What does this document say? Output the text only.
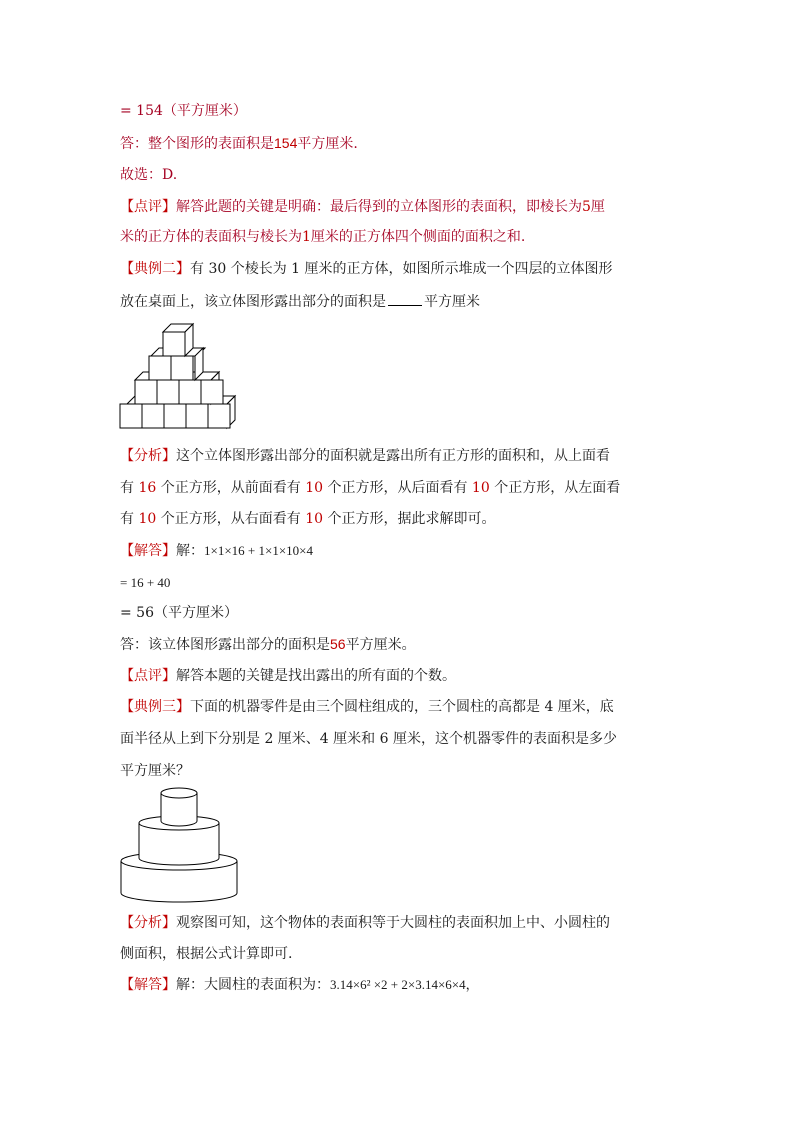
= 154（平方厘米）
答：整个图形的表面积是154平方厘米.
故选：D.
【点评】解答此题的关键是明确：最后得到的立体图形的表面积，即棱长为5厘
米的正方体的表面积与棱长为1厘米的正方体四个侧面的面积之和.
【典例二】有 30 个棱长为 1 厘米的正方体，如图所示堆成一个四层的立体图形
放在桌面上，该立体图形露出部分的面积是	平方厘米
【分析】这个立体图形露出部分的面积就是露出所有正方形的面积和，从上面看
有 16 个正方形，从前面看有 10 个正方形，从后面看有 10 个正方形，从左面看
有 10 个正方形，从右面看有 10 个正方形，据此求解即可。
【解答】解：1×1×16 + 1×1×10×4
= 16 + 40
= 56（平方厘米）
答：该立体图形露出部分的面积是56平方厘米。
【点评】解答本题的关键是找出露出的所有面的个数。
【典例三】下面的机器零件是由三个圆柱组成的，三个圆柱的高都是 4 厘米，底
面半径从上到下分别是 2 厘米、4 厘米和 6 厘米，这个机器零件的表面积是多少
平方厘米？
【分析】观察图可知，这个物体的表面积等于大圆柱的表面积加上中、小圆柱的
侧面积，根据公式计算即可.
【解答】解：大圆柱的表面积为：3.14×6² ×2 + 2×3.14×6×4，
